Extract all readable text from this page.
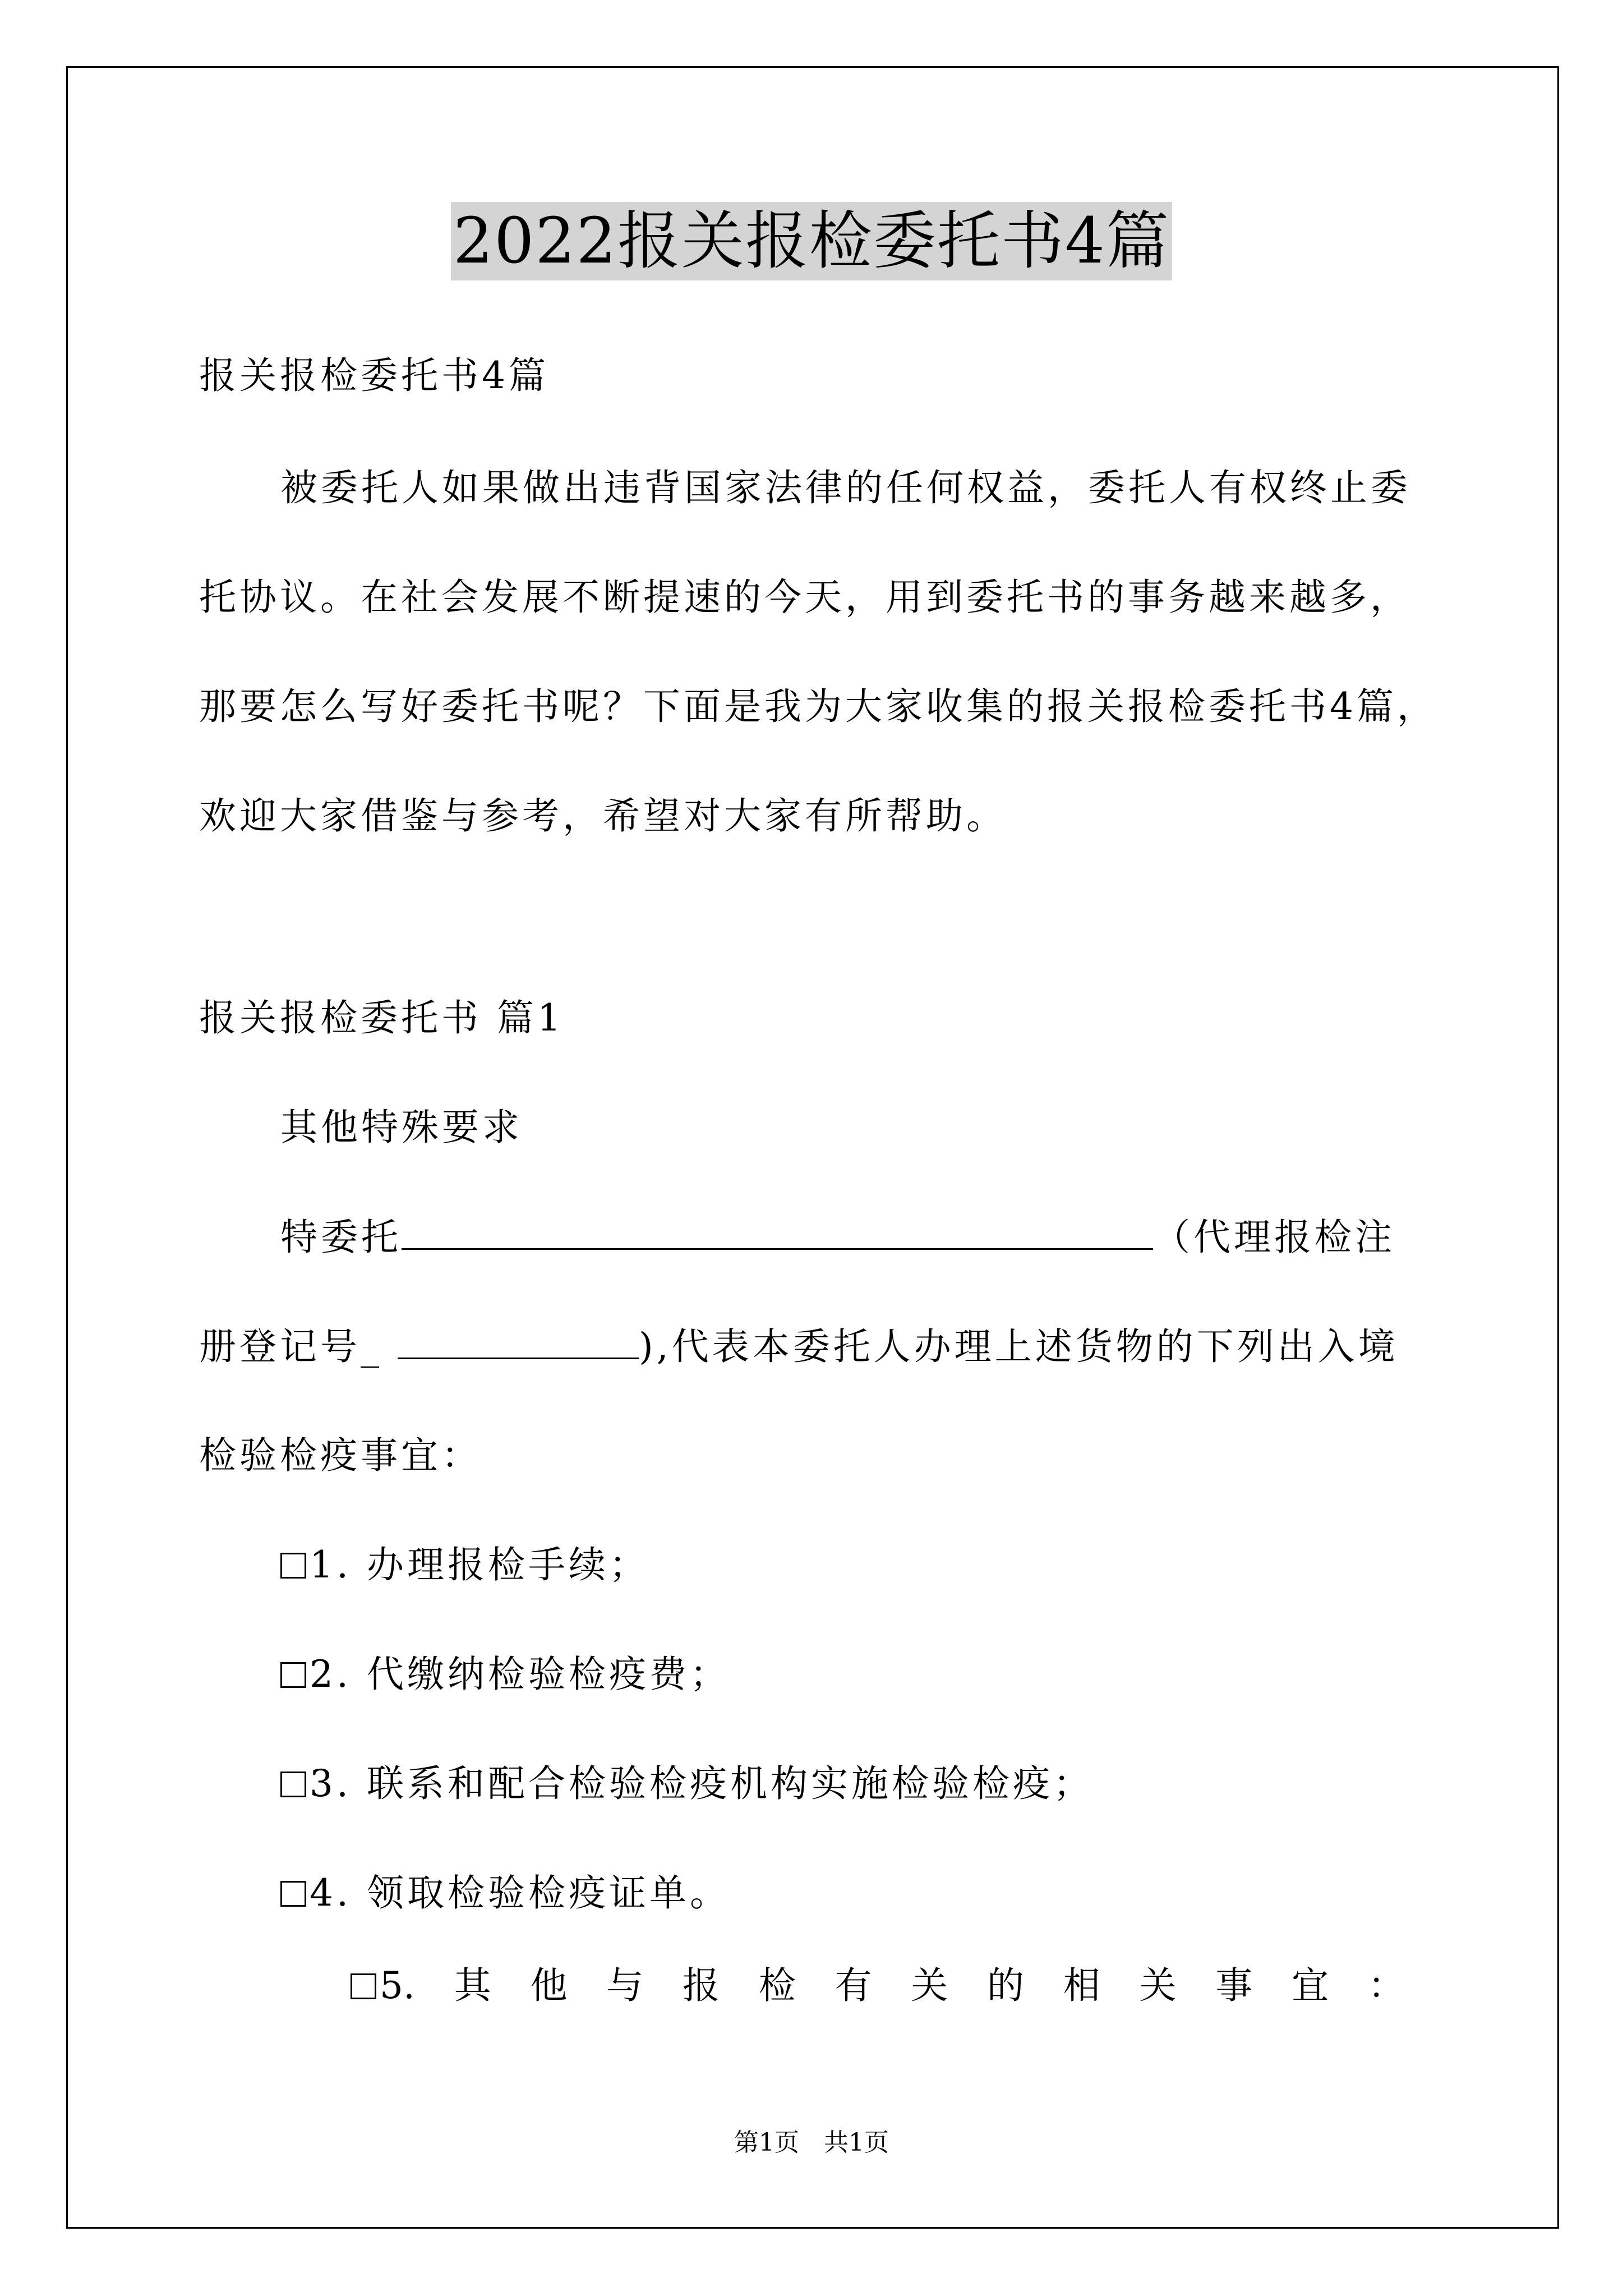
2022报关报检委托书4篇
报关报检委托书4篇
被委托人如果做出违背国家法律的任何权益，委托人有权终止委
托协议。在社会发展不断提速的今天，用到委托书的事务越来越多，
那要怎么写好委托书呢？下面是我为大家收集的报关报检委托书4篇，
欢迎大家借鉴与参考，希望对大家有所帮助。
报关报检委托书 篇1
其他特殊要求
特委托	（代理报检注
册登记号_	),代表本委托人办理上述货物的下列出入境
检验检疫事宜：
1. 办理报检手续；
2. 代缴纳检验检疫费；
3. 联系和配合检验检疫机构实施检验检疫；
4. 领取检验检疫证单。
5. 其 他 与 报 检 有 关 的 相 关 事 宜 ：
第1页　共1页
